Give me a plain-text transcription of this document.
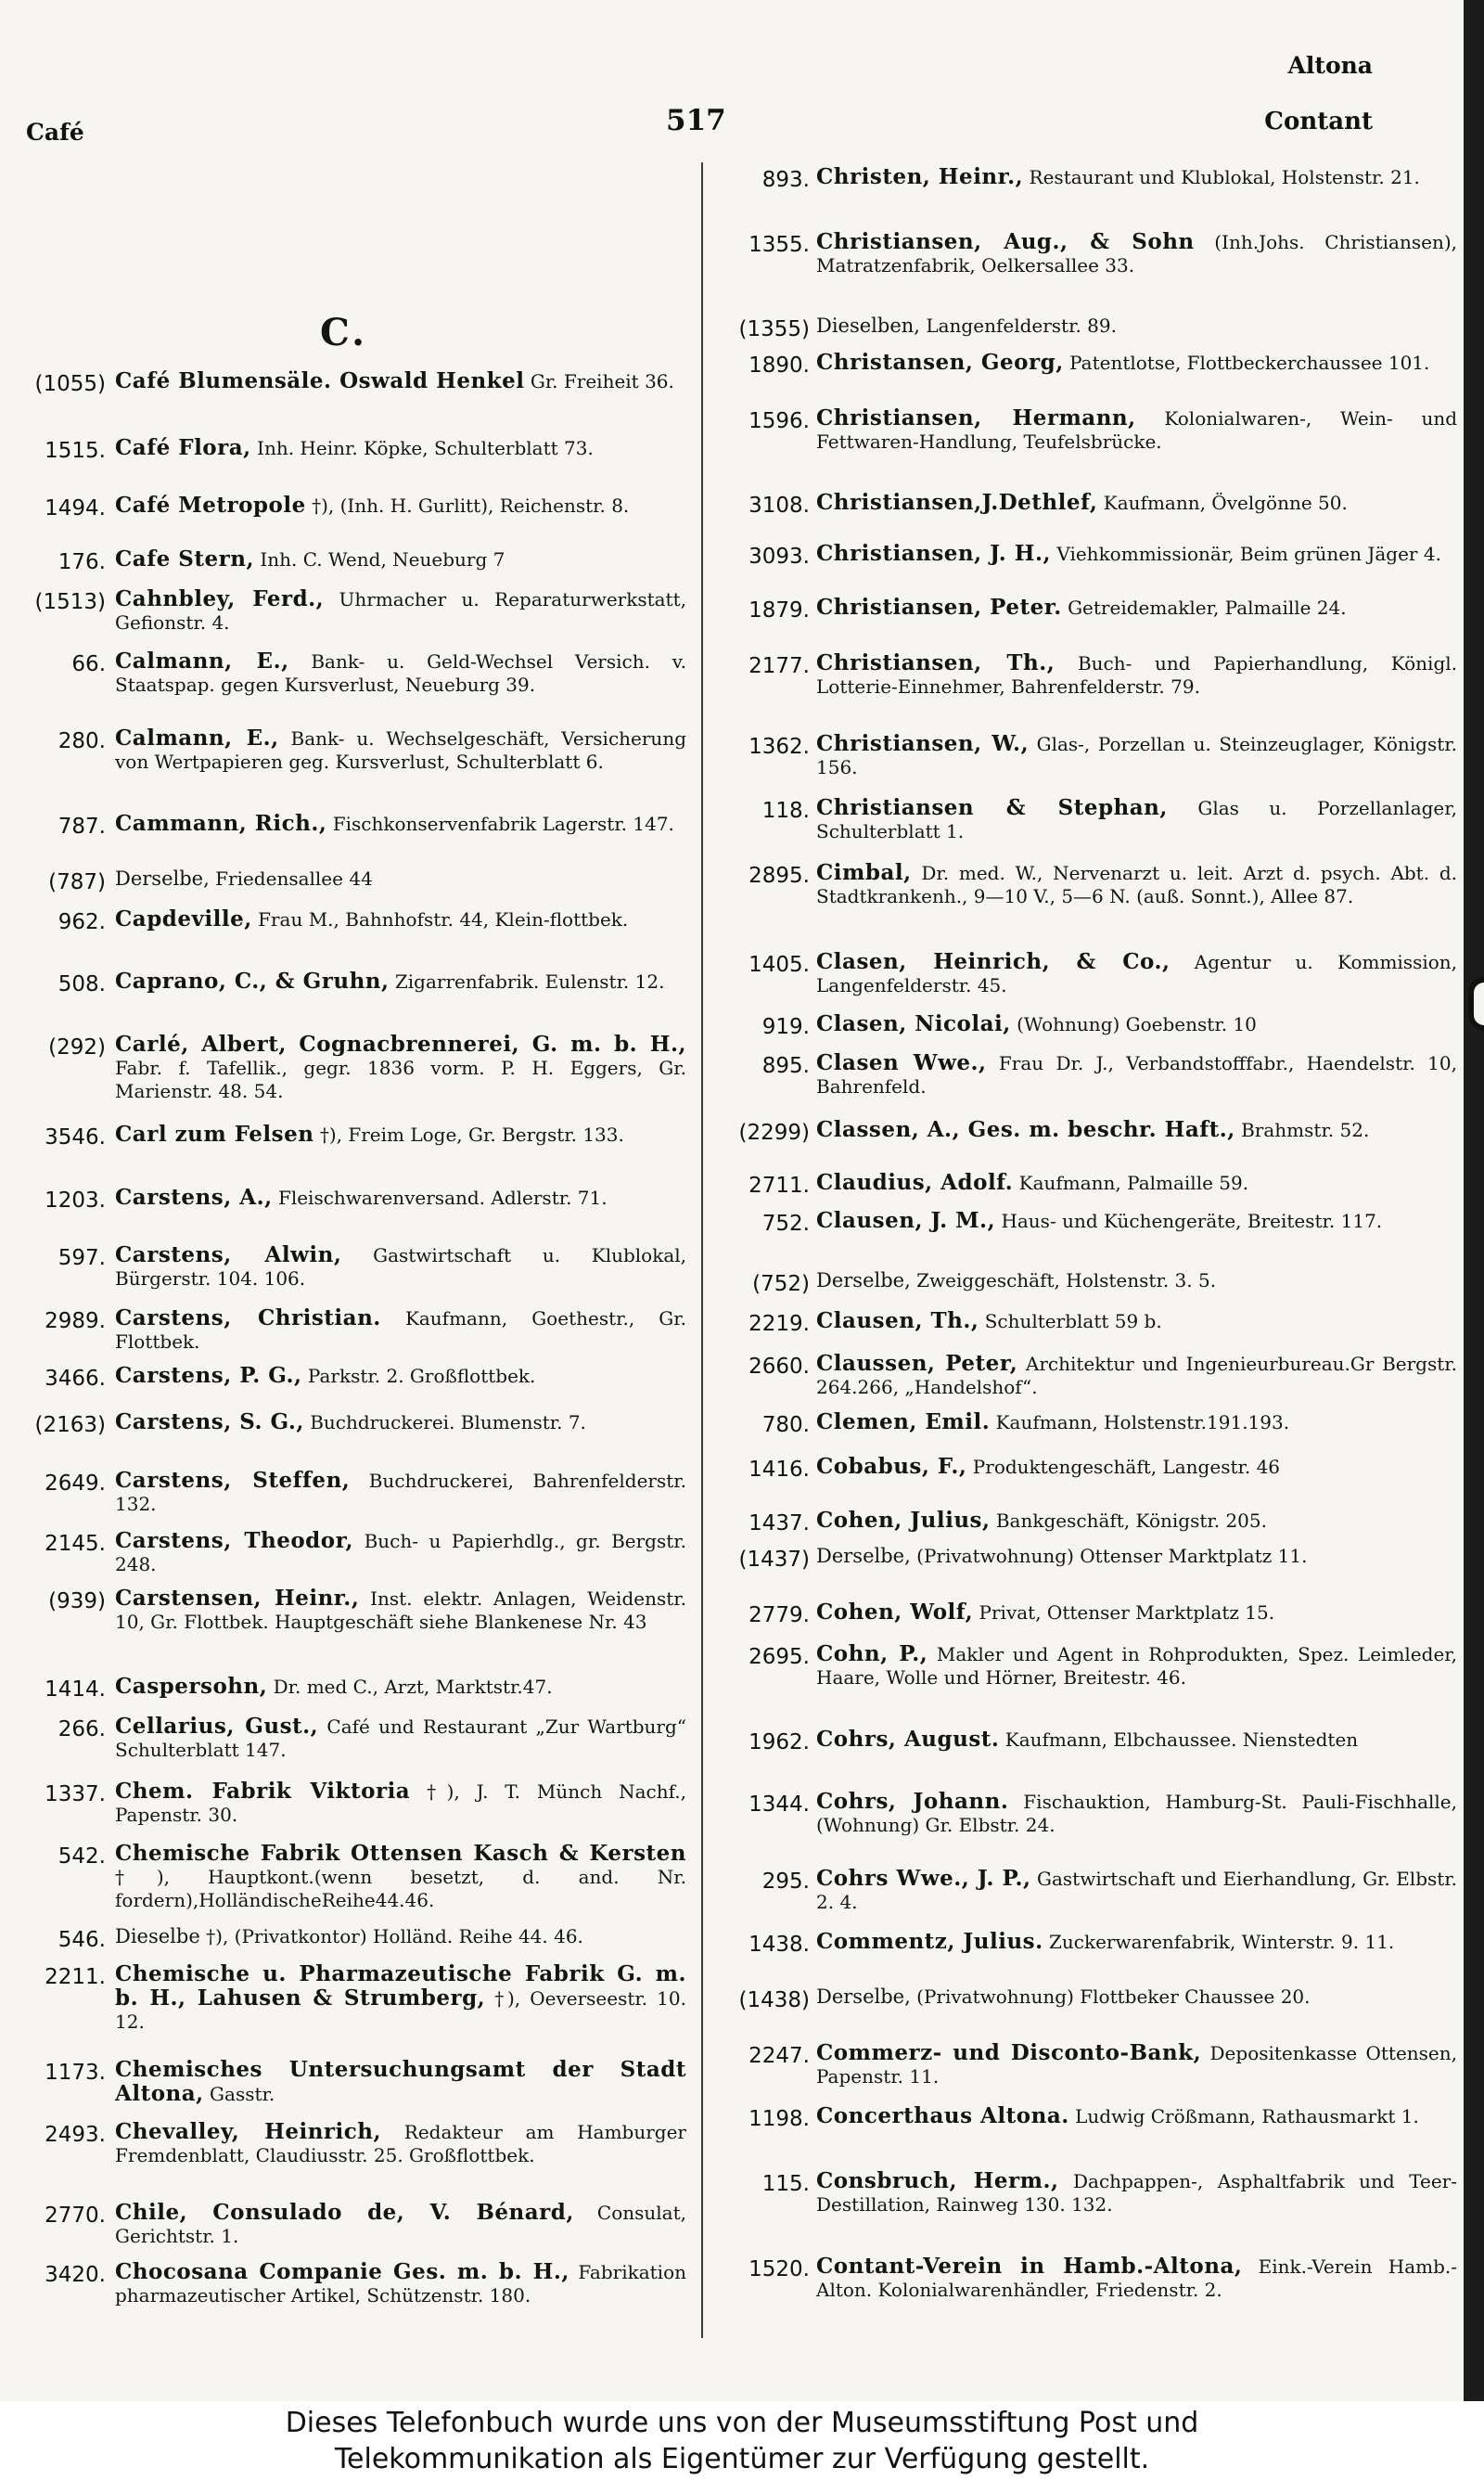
Café	517
Altona
Contant
C.
(1055) Café Blumensäle. Oswald Henkel Gr. Freiheit 36.
1515. Café Flora, Inh. Heinr. Köpke, Schulterblatt 73.
1494. Café Metropole †), (Inh. H. Gurlitt), Reichenstr. 8.
176. Cafe Stern, Inh. C. Wend, Neueburg 7
(1513) Cahnbley, Ferd., Uhrmacher u. Reparaturwerkstatt, Gefionstr. 4.
66. Calmann, E., Bank- u. Geld-Wechsel Versich. v. Staatspap. gegen Kursverlust, Neueburg 39.
280. Calmann, E., Bank- u. Wechselgeschäft, Versicherung von Wertpapieren geg. Kursverlust, Schulterblatt 6.
787. Cammann, Rich., Fischkonservenfabrik Lagerstr. 147.
(787) Derselbe, Friedensallee 44
962. Capdeville, Frau M., Bahnhofstr. 44, Klein-flottbek.
508. Caprano, C., & Gruhn, Zigarrenfabrik. Eulenstr. 12.
(292) Carlé, Albert, Cognacbrennerei, G. m. b. H., Fabr. f. Tafellik., gegr. 1836 vorm. P. H. Eggers, Gr. Marienstr. 48. 54.
3546. Carl zum Felsen †), Freim Loge, Gr. Bergstr. 133.
1203. Carstens, A., Fleischwarenversand. Adlerstr. 71.
597. Carstens, Alwin, Gastwirtschaft u. Klublokal, Bürgerstr. 104. 106.
2989. Carstens, Christian. Kaufmann, Goethestr., Gr. Flottbek.
3466. Carstens, P. G., Parkstr. 2. Großflottbek.
(2163) Carstens, S. G., Buchdruckerei. Blumenstr. 7.
2649. Carstens, Steffen, Buchdruckerei, Bahrenfelderstr. 132.
2145. Carstens, Theodor, Buch- u Papierhdlg., gr. Bergstr. 248.
(939) Carstensen, Heinr., Inst. elektr. Anlagen, Weidenstr. 10, Gr. Flottbek. Hauptgeschäft siehe Blankenese Nr. 43
1414. Caspersohn, Dr. med C., Arzt, Marktstr.47.
266. Cellarius, Gust., Café und Restaurant „Zur Wartburg“ Schulterblatt 147.
1337. Chem. Fabrik Viktoria †), J. T. Münch Nachf., Papenstr. 30.
542. Chemische Fabrik Ottensen Kasch & Kersten †), Hauptkont.(wenn besetzt, d. and. Nr. fordern),HolländischeReihe44.46.
546. Dieselbe †), (Privatkontor) Holländ. Reihe 44. 46.
2211. Chemische u. Pharmazeutische Fabrik G. m. b. H., Lahusen & Strumberg, †), Oeverseestr. 10. 12.
1173. Chemisches Untersuchungsamt der Stadt Altona, Gasstr.
2493. Chevalley, Heinrich, Redakteur am Hamburger Fremdenblatt, Claudiusstr. 25. Großflottbek.
2770. Chile, Consulado de, V. Bénard, Consulat, Gerichtstr. 1.
3420. Chocosana Companie Ges. m. b. H., Fabrikation pharmazeutischer Artikel, Schützenstr. 180.
893. Christen, Heinr., Restaurant und Klublokal, Holstenstr. 21.
1355. Christiansen, Aug., & Sohn (Inh.Johs. Christiansen), Matratzenfabrik, Oelkersallee 33.
(1355) Dieselben, Langenfelderstr. 89.
1890. Christansen, Georg, Patentlotse, Flottbeckerchaussee 101.
1596. Christiansen, Hermann, Kolonialwaren-, Wein- und Fettwaren-Handlung, Teufelsbrücke.
3108. Christiansen,J.Dethlef, Kaufmann, Övelgönne 50.
3093. Christiansen, J. H., Viehkommissionär, Beim grünen Jäger 4.
1879. Christiansen, Peter. Getreidemakler, Palmaille 24.
2177. Christiansen, Th., Buch- und Papierhandlung, Königl. Lotterie-Einnehmer, Bahrenfelderstr. 79.
1362. Christiansen, W., Glas-, Porzellan u. Steinzeuglager, Königstr. 156.
118. Christiansen & Stephan, Glas u. Porzellanlager, Schulterblatt 1.
2895. Cimbal, Dr. med. W., Nervenarzt u. leit. Arzt d. psych. Abt. d. Stadtkrankenh., 9—10 V., 5—6 N. (auß. Sonnt.), Allee 87.
1405. Clasen, Heinrich, & Co., Agentur u. Kommission, Langenfelderstr. 45.
919. Clasen, Nicolai, (Wohnung) Goebenstr. 10
895. Clasen Wwe., Frau Dr. J., Verbandstofffabr., Haendelstr. 10, Bahrenfeld.
(2299) Classen, A., Ges. m. beschr. Haft., Brahmstr. 52.
2711. Claudius, Adolf. Kaufmann, Palmaille 59.
752. Clausen, J. M., Haus- und Küchengeräte, Breitestr. 117.
(752) Derselbe, Zweiggeschäft, Holstenstr. 3. 5.
2219. Clausen, Th., Schulterblatt 59 b.
2660. Claussen, Peter, Architektur und Ingenieurbureau.Gr Bergstr. 264.266, „Handelshof“.
780. Clemen, Emil. Kaufmann, Holstenstr.191.193.
1416. Cobabus, F., Produktengeschäft, Langestr. 46
1437. Cohen, Julius, Bankgeschäft, Königstr. 205.
(1437) Derselbe, (Privatwohnung) Ottenser Marktplatz 11.
2779. Cohen, Wolf, Privat, Ottenser Marktplatz 15.
2695. Cohn, P., Makler und Agent in Rohprodukten, Spez. Leimleder, Haare, Wolle und Hörner, Breitestr. 46.
1962. Cohrs, August. Kaufmann, Elbchaussee. Nienstedten
1344. Cohrs, Johann. Fischauktion, Hamburg-St. Pauli-Fischhalle, (Wohnung) Gr. Elbstr. 24.
295. Cohrs Wwe., J. P., Gastwirtschaft und Eierhandlung, Gr. Elbstr. 2. 4.
1438. Commentz, Julius. Zuckerwarenfabrik, Winterstr. 9. 11.
(1438) Derselbe, (Privatwohnung) Flottbeker Chaussee 20.
2247. Commerz- und Disconto-Bank, Depositenkasse Ottensen, Papenstr. 11.
1198. Concerthaus Altona. Ludwig Crößmann, Rathausmarkt 1.
115. Consbruch, Herm., Dachpappen-, Asphaltfabrik und Teer-Destillation, Rainweg 130. 132.
1520. Contant-Verein in Hamb.-Altona, Eink.-Verein Hamb.-Alton. Kolonialwarenhändler, Friedenstr. 2.
Dieses Telefonbuch wurde uns von der Museumsstiftung Post und
Telekommunikation als Eigentümer zur Verfügung gestellt.
